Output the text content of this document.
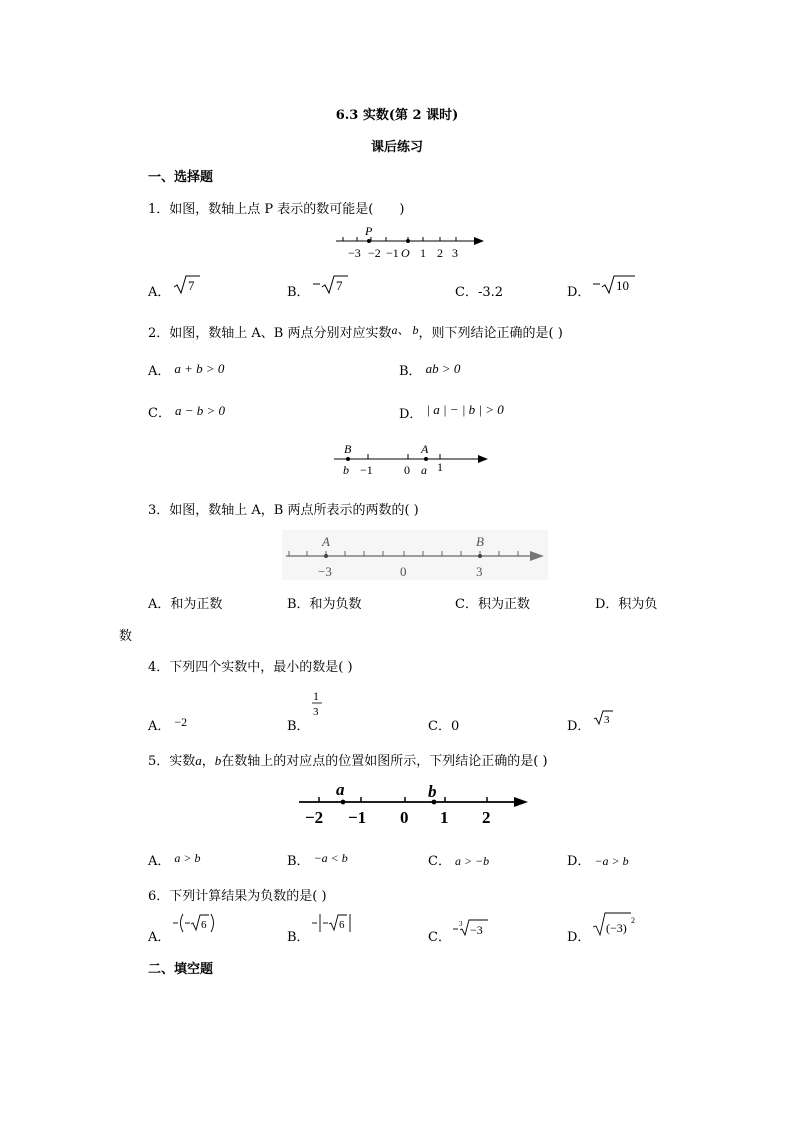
6.3 实数(第 2 课时)
课后练习
一、选择题
1．如图，数轴上点 P 表示的数可能是(　　)
P
−3 −2 −1 O 1 2 3
A． 7	B． 7	C．-3.2	D． 10
2．如图，数轴上 A、B 两点分别对应实数a、 b，则下列结论正确的是( )
A． a + b > 0	B． ab > 0
C． a − b > 0	D． | a | − | b | > 0
B	A
b −1	0 a 1
3．如图，数轴上 A，B 两点所表示的两数的( )
A	B
−3	0	3
A．和为正数	B．和为负数	C．积为正数	D．积为负
数
4．下列四个实数中，最小的数是( )
A． −2	B．
1
3
C．0	D． 3
5．实数a，b在数轴上的对应点的位置如图所示，下列结论正确的是( )
a	b
−2 −1 0 1 2
A． a > b	B． −a < b	C． a > −b	D． −a > b
6．下列计算结果为负数的是( )
A．
6
B．
6
C．
3 −3	D．
(−3)
2
二、填空题
